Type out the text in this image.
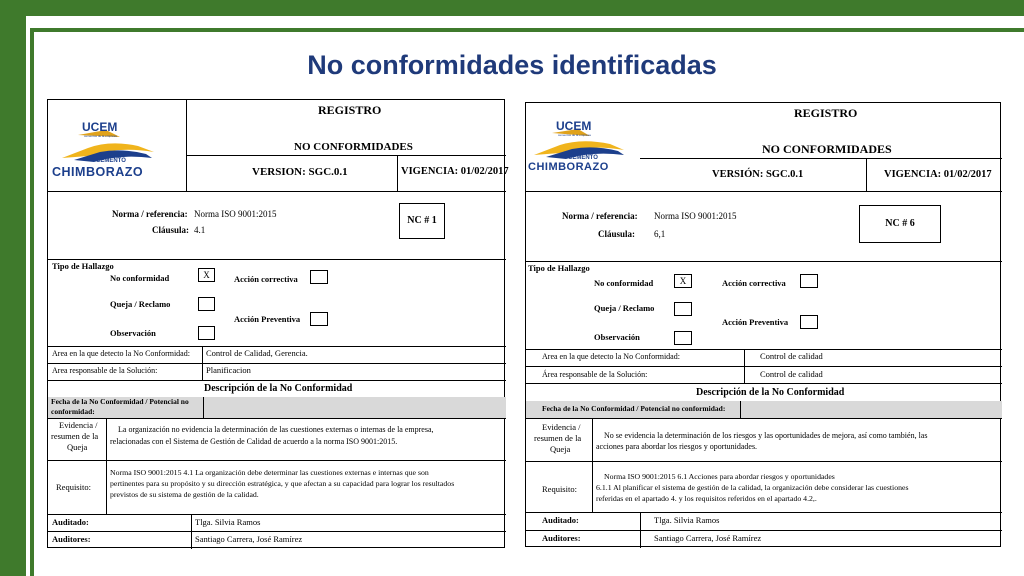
No conformidades identificadas
UCEM
cementos de la empresa
CEMENTO
CHIMBORAZO
REGISTRO
NO CONFORMIDADES
VERSION: SGC.0.1	VIGENCIA: 01/02/2017
Norma / referencia: Norma ISO 9001:2015
Cláusula: 4.1
NC # 1
Tipo de Hallazgo
No conformidad	X	Acción correctiva
Queja / Reclamo
Acción Preventiva
Observación
Area en la que detecto la No Conformidad: Control de Calidad, Gerencia.
Area responsable de la Solución:	Planificacion
Descripción de la No Conformidad
Fecha de la No Conformidad / Potencial no
conformidad:
Evidencia /
resumen de la
Queja
La organización no evidencia la determinación de las cuestiones externas o internas de la empresa,
relacionadas con el Sistema de Gestión de Calidad de acuerdo a la norma ISO 9001:2015.
Requisito:
Norma ISO 9001:2015 4.1 La organización debe determinar las cuestiones externas e internas que son
pertinentes para su propósito y su dirección estratégica, y que afectan a su capacidad para lograr los resultados
previstos de su sistema de gestión de la calidad.
Auditado:	Tlga. Silvia Ramos
Auditores:	Santiago Carrera, José Ramírez
UCEM
cementos de la empresa
CEMENTO
CHIMBORAZO
REGISTRO
NO CONFORMIDADES
VERSIÓN: SGC.0.1	VIGENCIA: 01/02/2017
Norma / referencia: Norma ISO 9001:2015
Cláusula: 6,1
NC # 6
Tipo de Hallazgo
No conformidad	X	Acción correctiva
Queja / Reclamo
Acción Preventiva
Observación
Area en la que detecto la No Conformidad:	Control de calidad
Área responsable de la Solución:	Control de calidad
Descripción de la No Conformidad
Fecha de la No Conformidad / Potencial no conformidad:
Evidencia /
resumen de la
Queja
No se evidencia la determinación de los riesgos y las oportunidades de mejora, así como también, las
acciones para abordar los riesgos y oportunidades.
Requisito:
Norma ISO 9001:2015 6.1 Acciones para abordar riesgos y oportunidades
6.1.1 Al planificar el sistema de gestión de la calidad, la organización debe considerar las cuestiones
referidas en el apartado 4. y los requisitos referidos en el apartado 4.2,.
Auditado:	Tlga. Silvia Ramos
Auditores:	Santiago Carrera, José Ramírez
